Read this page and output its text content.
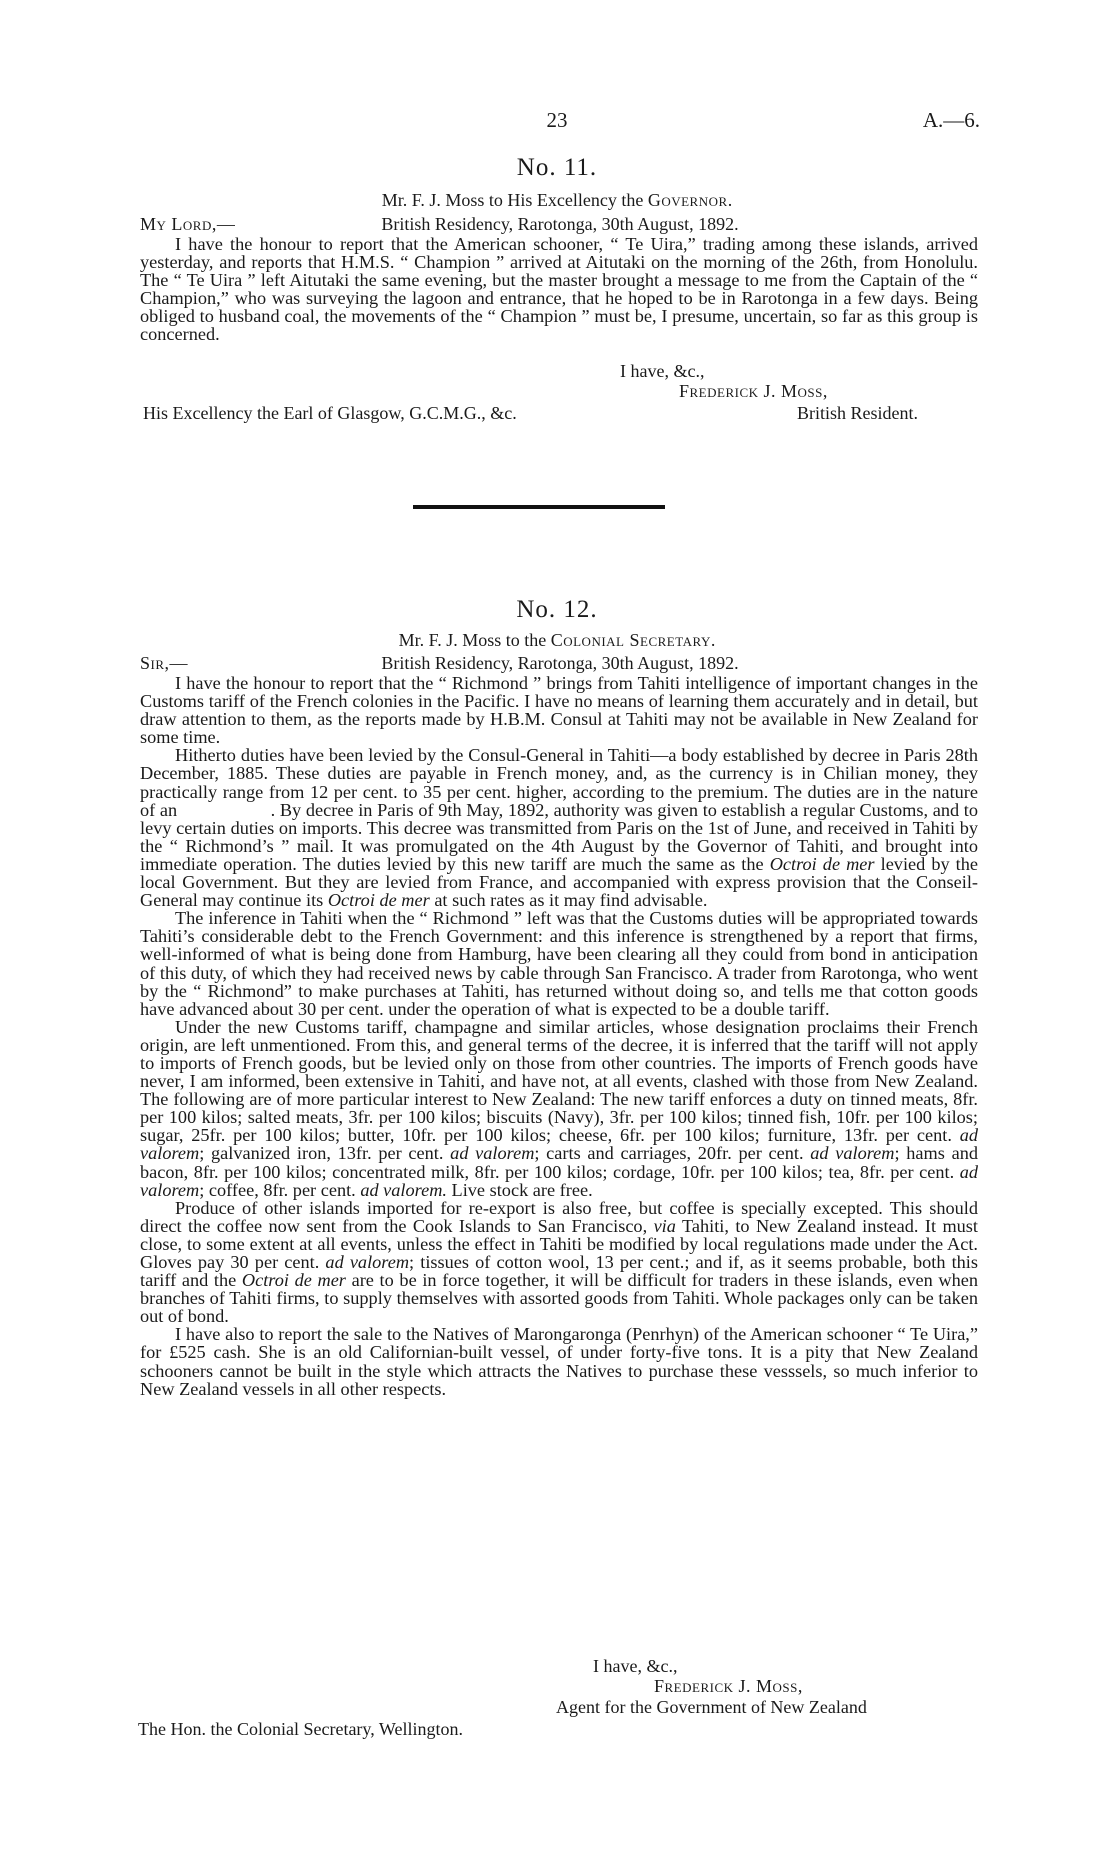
23	A.—6.
No. 11.
Mr. F. J. Moss to His Excellency the Governor.
My Lord,—	British Residency, Rarotonga, 30th August, 1892.

I have the honour to report that the American schooner, “ Te Uira,” trading among these islands, arrived yesterday, and reports that H.M.S. “ Champion ” arrived at Aitutaki on the morning of the 26th, from Honolulu. The “ Te Uira ” left Aitutaki the same evening, but the master brought a message to me from the Captain of the “ Champion,” who was surveying the lagoon and entrance, that he hoped to be in Rarotonga in a few days. Being obliged to husband coal, the movements of the “ Champion ” must be, I presume, uncertain, so far as this group is concerned.

I have, &c.,
Frederick J. Moss,
His Excellency the Earl of Glasgow, G.C.M.G., &c.	British Resident.
No. 12.
Mr. F. J. Moss to the Colonial Secretary.
Sir,—	British Residency, Rarotonga, 30th August, 1892.

I have the honour to report that the “ Richmond ” brings from Tahiti intelligence of important changes in the Customs tariff of the French colonies in the Pacific. I have no means of learning them accurately and in detail, but draw attention to them, as the reports made by H.B.M. Consul at Tahiti may not be available in New Zealand for some time.

Hitherto duties have been levied by the Consul-General in Tahiti—a body established by decree in Paris 28th December, 1885. These duties are payable in French money, and, as the currency is in Chilian money, they practically range from 12 per cent. to 35 per cent. higher, according to the premium. The duties are in the nature of an	. By decree in Paris of 9th May, 1892, authority was given to establish a regular Customs, and to levy certain duties on imports. This decree was transmitted from Paris on the 1st of June, and received in Tahiti by the “ Richmond’s ” mail. It was promulgated on the 4th August by the Governor of Tahiti, and brought into immediate operation. The duties levied by this new tariff are much the same as the Octroi de mer levied by the local Government. But they are levied from France, and accompanied with express provision that the Conseil-General may continue its Octroi de mer at such rates as it may find advisable.

The inference in Tahiti when the “ Richmond ” left was that the Customs duties will be appropriated towards Tahiti’s considerable debt to the French Government: and this inference is strengthened by a report that firms, well-informed of what is being done from Hamburg, have been clearing all they could from bond in anticipation of this duty, of which they had received news by cable through San Francisco. A trader from Rarotonga, who went by the “ Richmond” to make purchases at Tahiti, has returned without doing so, and tells me that cotton goods have advanced about 30 per cent. under the operation of what is expected to be a double tariff.

Under the new Customs tariff, champagne and similar articles, whose designation proclaims their French origin, are left unmentioned. From this, and general terms of the decree, it is inferred that the tariff will not apply to imports of French goods, but be levied only on those from other countries. The imports of French goods have never, I am informed, been extensive in Tahiti, and have not, at all events, clashed with those from New Zealand. The following are of more particular interest to New Zealand: The new tariff enforces a duty on tinned meats, 8fr. per 100 kilos; salted meats, 3fr. per 100 kilos; biscuits (Navy), 3fr. per 100 kilos; tinned fish, 10fr. per 100 kilos; sugar, 25fr. per 100 kilos; butter, 10fr. per 100 kilos; cheese, 6fr. per 100 kilos; furniture, 13fr. per cent. ad valorem; galvanized iron, 13fr. per cent. ad valorem; carts and carriages, 20fr. per cent. ad valorem; hams and bacon, 8fr. per 100 kilos; concentrated milk, 8fr. per 100 kilos; cordage, 10fr. per 100 kilos; tea, 8fr. per cent. ad valorem; coffee, 8fr. per cent. ad valorem. Live stock are free.

Produce of other islands imported for re-export is also free, but coffee is specially excepted. This should direct the coffee now sent from the Cook Islands to San Francisco, via Tahiti, to New Zealand instead. It must close, to some extent at all events, unless the effect in Tahiti be modified by local regulations made under the Act. Gloves pay 30 per cent. ad valorem; tissues of cotton wool, 13 per cent.; and if, as it seems probable, both this tariff and the Octroi de mer are to be in force together, it will be difficult for traders in these islands, even when branches of Tahiti firms, to supply themselves with assorted goods from Tahiti. Whole packages only can be taken out of bond.

I have also to report the sale to the Natives of Marongaronga (Penrhyn) of the American schooner “ Te Uira,” for £525 cash. She is an old Californian-built vessel, of under forty-five tons. It is a pity that New Zealand schooners cannot be built in the style which attracts the Natives to purchase these vesssels, so much inferior to New Zealand vessels in all other respects.

I have, &c.,
Frederick J. Moss,
Agent for the Government of New Zealand
The Hon. the Colonial Secretary, Wellington.
